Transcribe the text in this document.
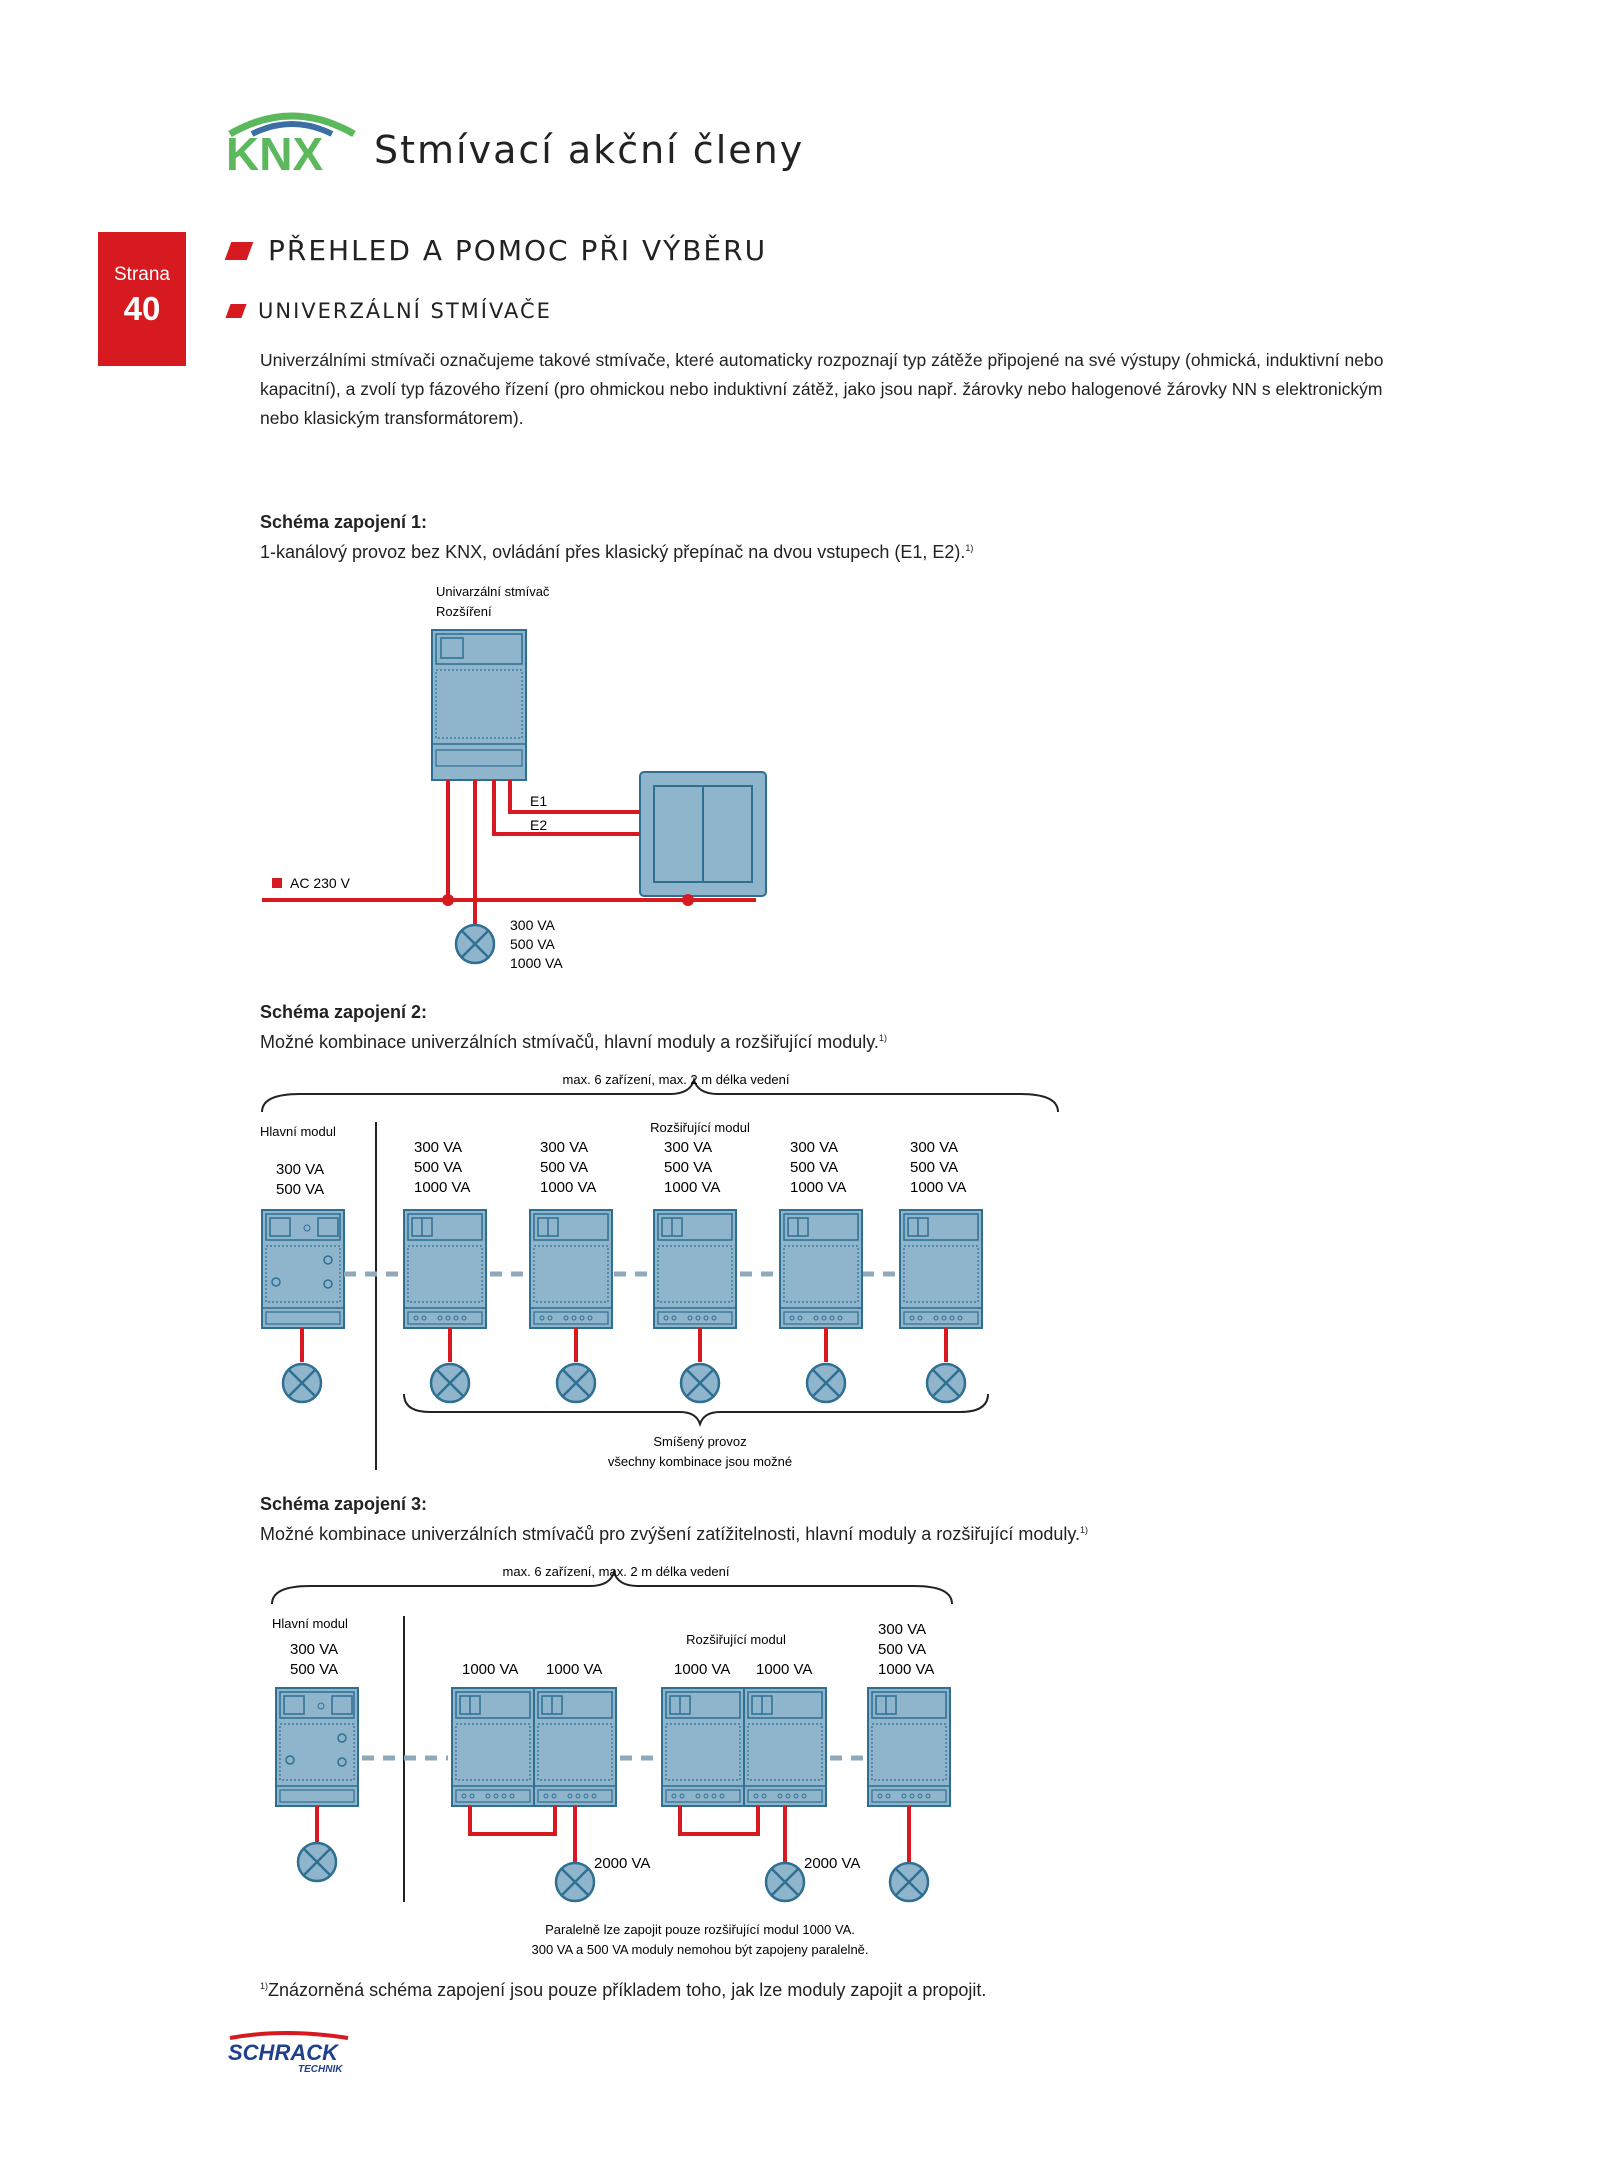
KNX Stmívací akční členy
Strana
40
PŘEHLED A POMOC PŘI VÝBĚRU
UNIVERZÁLNÍ STMÍVAČE
Univerzálními stmívači označujeme takové stmívače, které automaticky rozpoznají typ zátěže připojené na své výstupy (ohmická, induktivní nebo kapacitní), a zvolí typ fázového řízení (pro ohmickou nebo induktivní zátěž, jako jsou např. žárovky nebo halogenové žárovky NN s elektronickým nebo klasickým transformátorem).
Schéma zapojení 1:
1-kanálový provoz bez KNX, ovládání přes klasický přepínač na dvou vstupech (E1, E2).$^{1)}$
Schéma zapojení 2:
Možné kombinace univerzálních stmívačů, hlavní moduly a rozšiřující moduly.$^{1)}$
Schéma zapojení 3:
Možné kombinace univerzálních stmívačů pro zvýšení zatížitelnosti, hlavní moduly a rozšiřující moduly.$^{1)}$
Univarzální stmívač
Rozšíření
E1
E2
AC 230 V
300 VA
500 VA
1000 VA
max. 6 zařízení, max. 2 m délka vedení
Hlavní modul	Rozšiřující modul
300 VA
500 VA
300 VA
500 VA
1000 VA
300 VA
500 VA
1000 VA
300 VA
500 VA
1000 VA
300 VA
500 VA
1000 VA
300 VA
500 VA
1000 VA
Smíšený provoz
všechny kombinace jsou možné
max. 6 zařízení, max. 2 m délka vedení
Hlavní modul
300 VA
500 VA
Rozšiřující modul
1000 VA 1000 VA
2000 VA
1000 VA 1000 VA
2000 VA
300 VA
500 VA
1000 VA
Paralelně lze zapojit pouze rozšiřující modul 1000 VA.
300 VA a 500 VA moduly nemohou být zapojeny paralelně.
$^{1)}$Znázorněná schéma zapojení jsou pouze příkladem toho, jak lze moduly zapojit a propojit.
SCHRACK
TECHNIK
